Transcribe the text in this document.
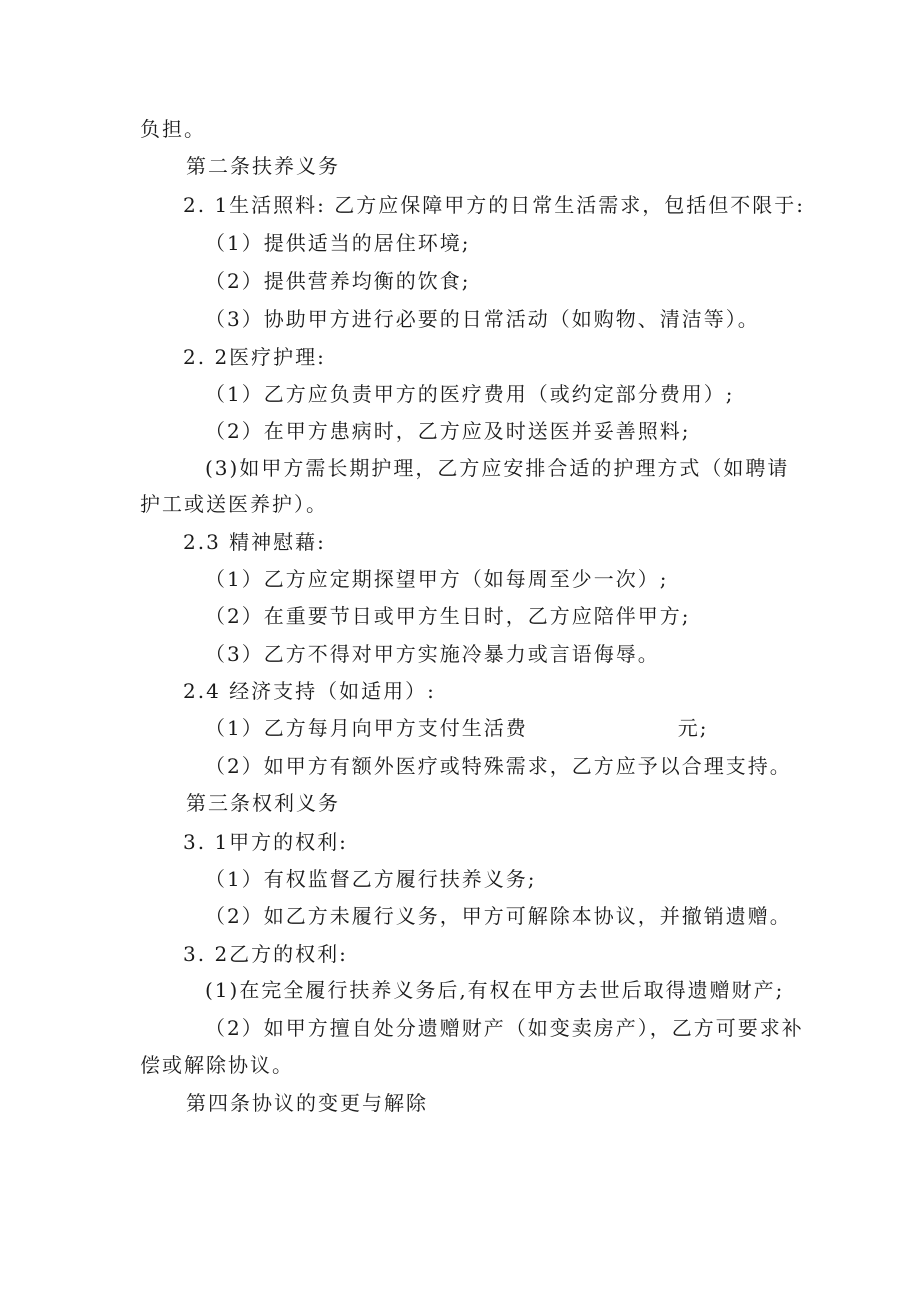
负担。
第二条扶养义务
2. 1生活照料: 乙方应保障甲方的日常生活需求，包括但不限于:
（1）提供适当的居住环境;
（2）提供营养均衡的饮食;
（3）协助甲方进行必要的日常活动（如购物、清洁等）。
2. 2医疗护理:
（1）乙方应负责甲方的医疗费用（或约定部分费用）;
（2）在甲方患病时，乙方应及时送医并妥善照料;
(3)如甲方需长期护理，乙方应安排合适的护理方式（如聘请
护工或送医养护）。
2.3 精神慰藉:
（1）乙方应定期探望甲方（如每周至少一次）;
（2）在重要节日或甲方生日时，乙方应陪伴甲方;
（3）乙方不得对甲方实施冷暴力或言语侮辱。
2.4 经济支持（如适用）:
（1）乙方每月向甲方支付生活费	元;
（2）如甲方有额外医疗或特殊需求，乙方应予以合理支持。
第三条权利义务
3. 1甲方的权利:
（1）有权监督乙方履行扶养义务;
（2）如乙方未履行义务，甲方可解除本协议，并撤销遗赠。
3. 2乙方的权利:
(1)在完全履行扶养义务后,有权在甲方去世后取得遗赠财产;
（2）如甲方擅自处分遗赠财产（如变卖房产），乙方可要求补
偿或解除协议。
第四条协议的变更与解除
